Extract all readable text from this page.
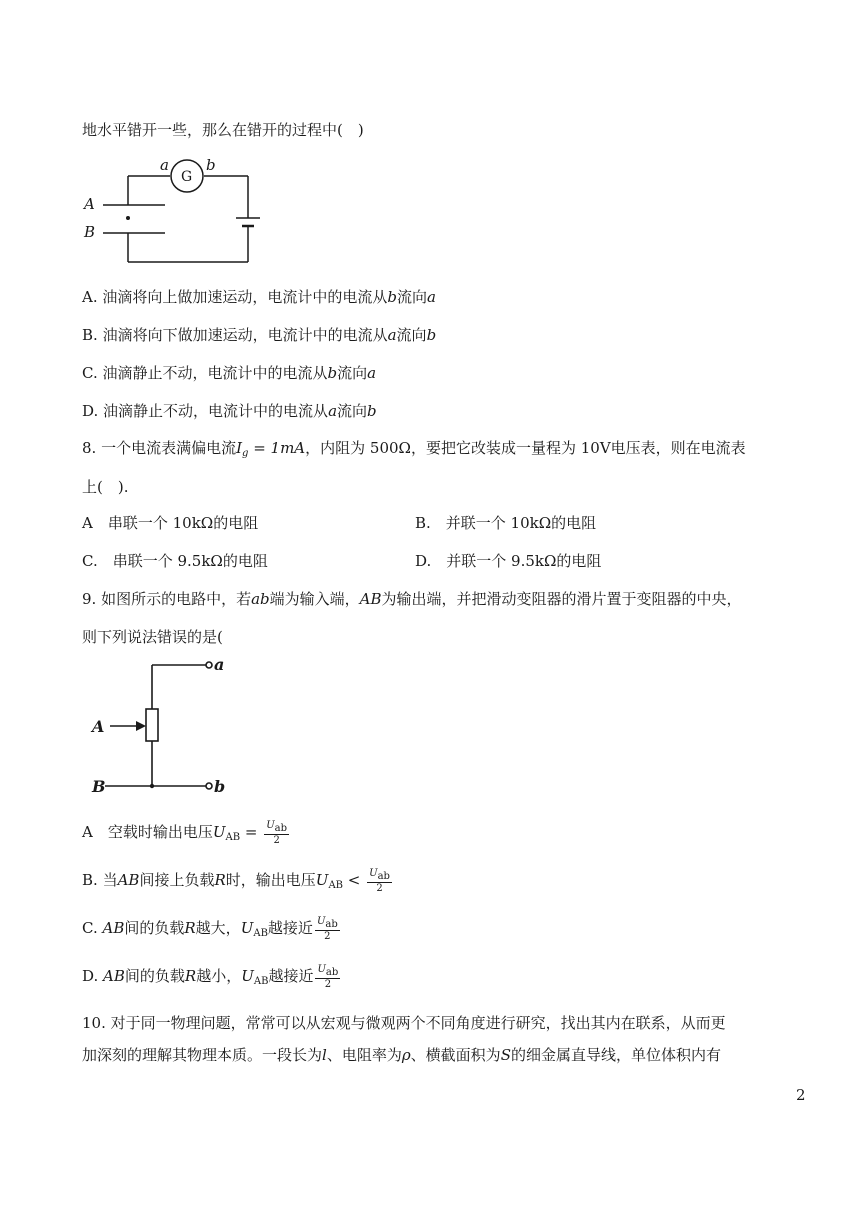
地水平错开一些，那么在错开的过程中(　)
G
a b
A
B
a
b
A
B
A. 油滴将向上做加速运动，电流计中的电流从b流向a
B. 油滴将向下做加速运动，电流计中的电流从a流向b
C. 油滴静止不动，电流计中的电流从b流向a
D. 油滴静止不动，电流计中的电流从a流向b
8. 一个电流表满偏电流$I_g = 1mA$，内阻为 500Ω，要把它改装成一量程为 10V电压表，则在电流表
上(　).
A　串联一个 10kΩ的电阻	B.　并联一个 10kΩ的电阻
C.　串联一个 9.5kΩ的电阻	D.　并联一个 9.5kΩ的电阻
9. 如图所示的电路中，若ab端为输入端，AB为输出端，并把滑动变阻器的滑片置于变阻器的中央，
则下列说法错误的是(
A　 空载时输出电压$U_{AB} = \frac{\text{Uab}}{2}$
B. 当AB间接上负载R时，输出电压$U_{AB} < \frac{\text{Uab}}{2}$
C. AB间的负载R越大，$U_{AB}$越接近 $\frac{\text{Uab}}{2}$
D. AB间的负载R越小，$U_{AB}$越接近 $\frac{\text{Uab}}{2}$
10. 对于同一物理问题，常常可以从宏观与微观两个不同角度进行研究，找出其内在联系，从而更
加深刻的理解其物理本质。一段长为l、电阻率为ρ、横截面积为S的细金属直导线，单位体积内有
2
